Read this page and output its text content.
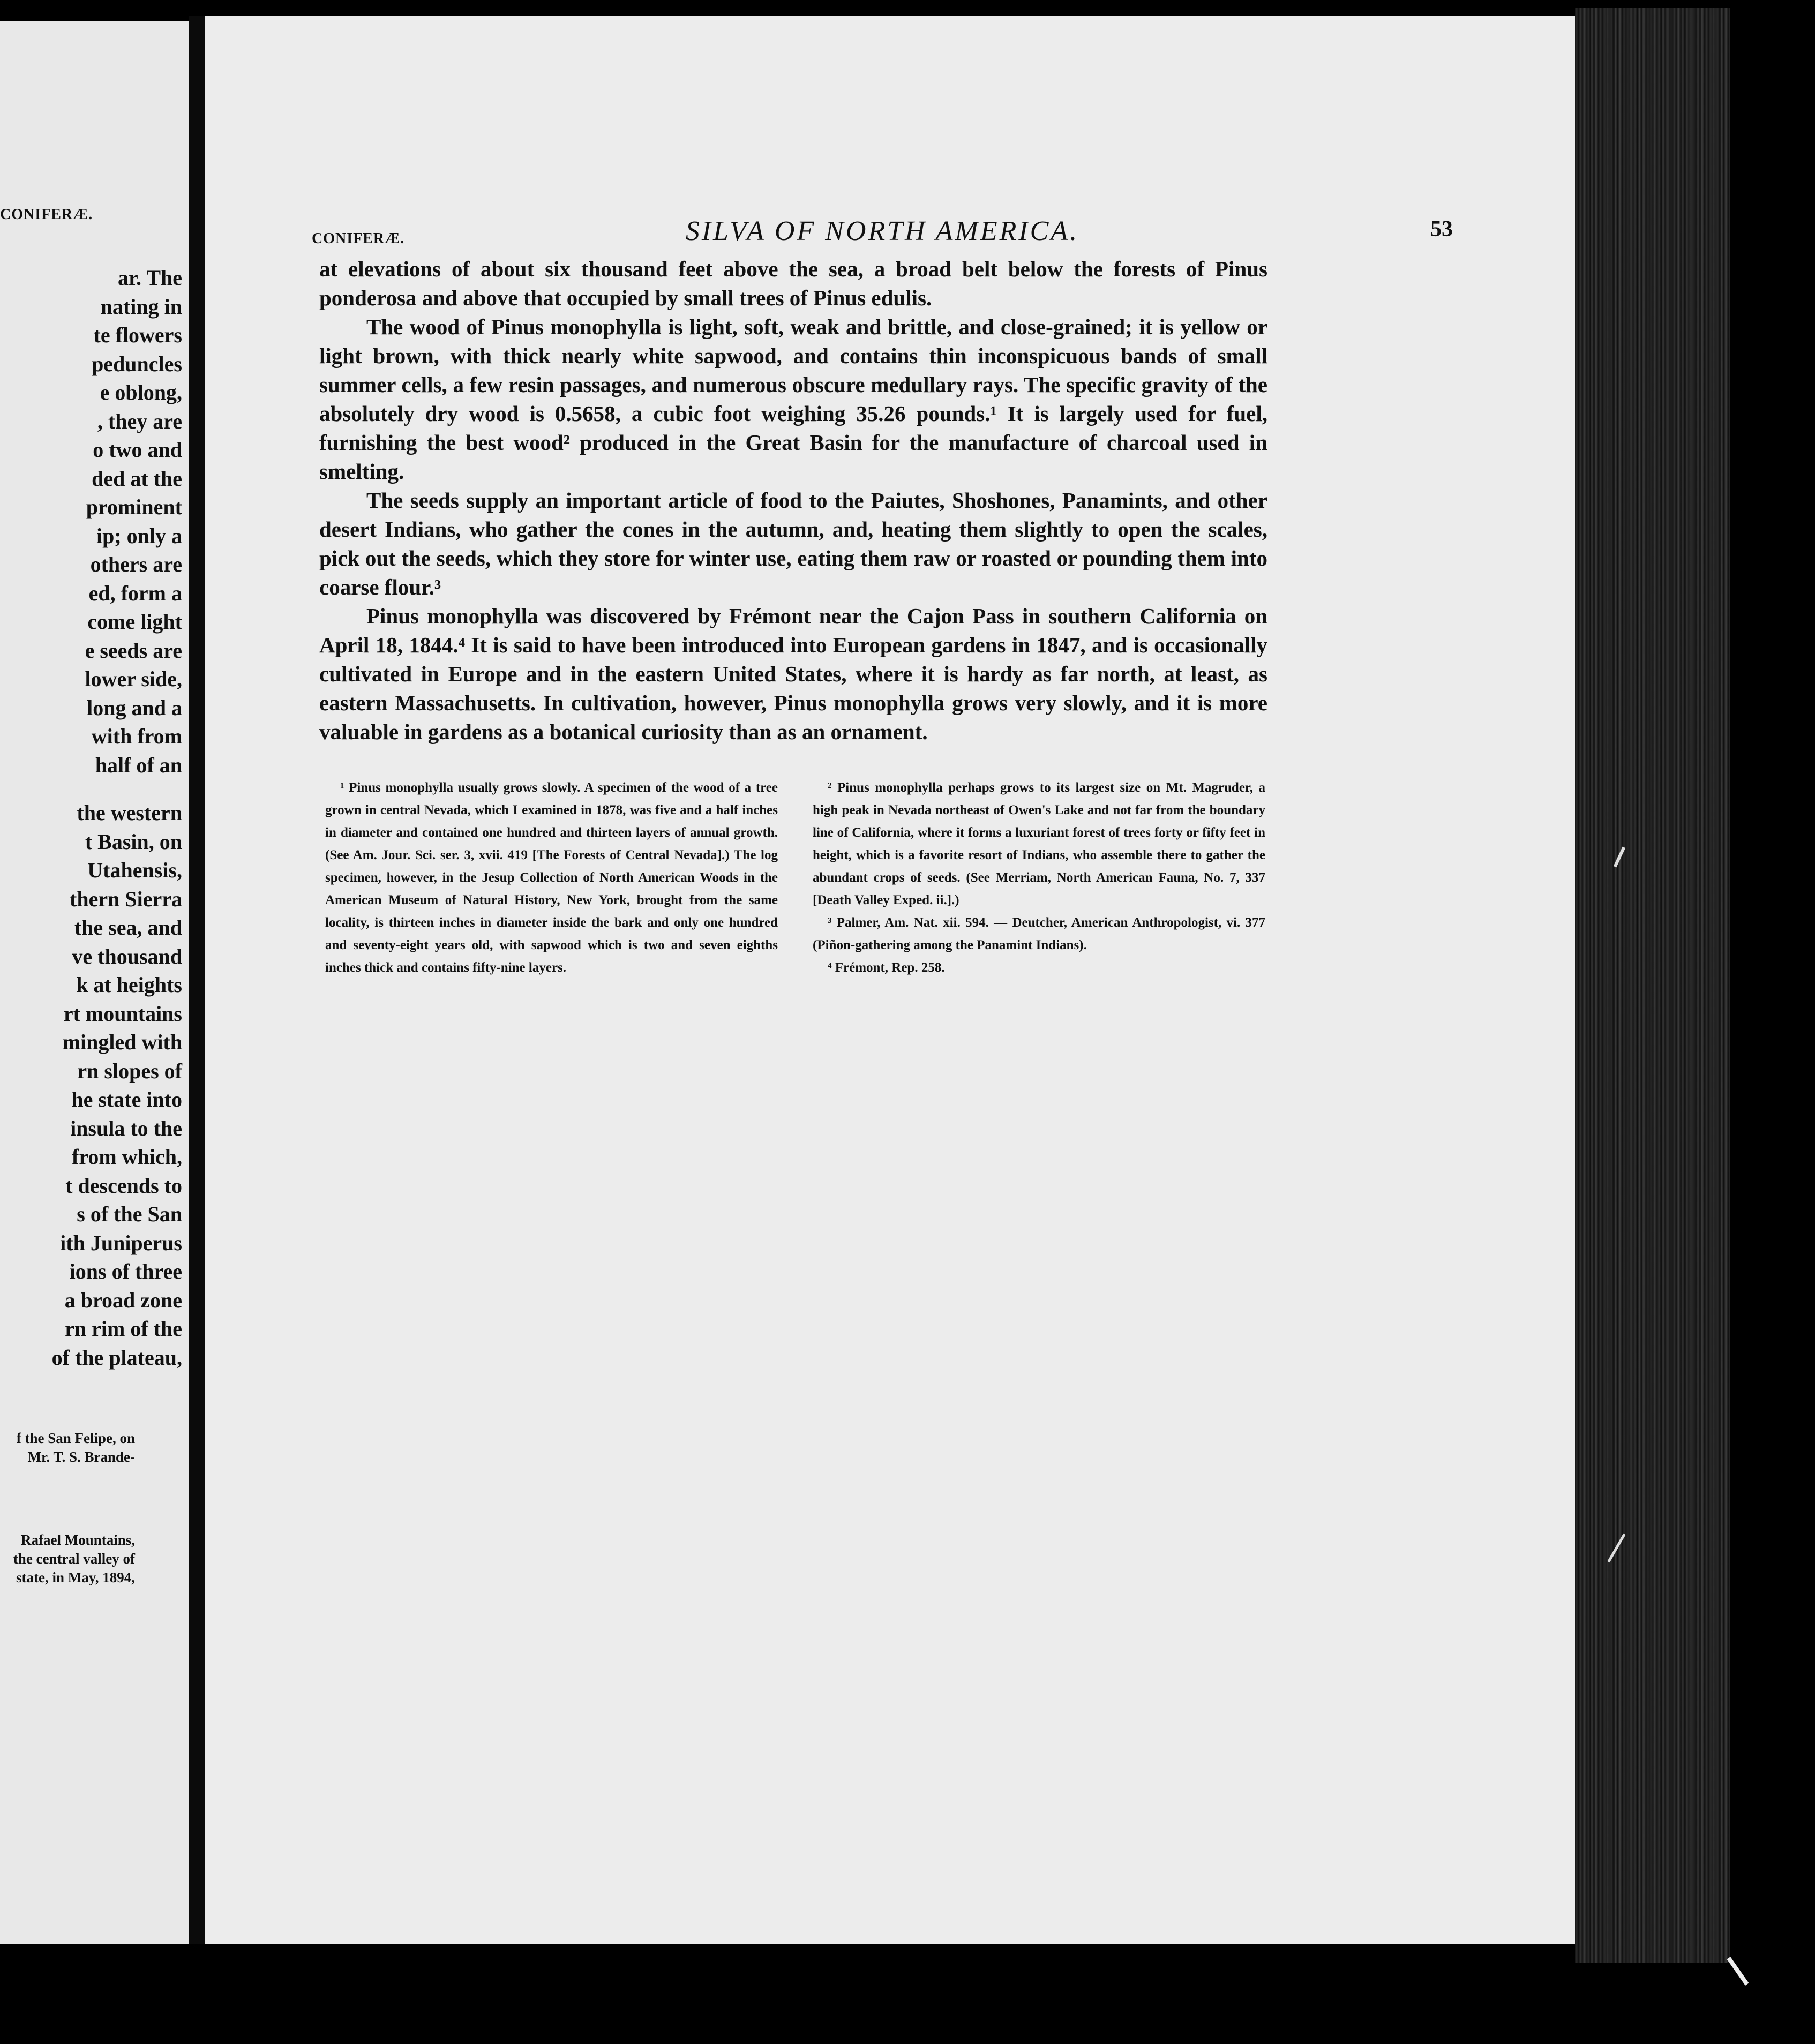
CONIFERÆ.
ar. The
nating in
te flowers
peduncles
e oblong,
, they are
o two and
ded at the
prominent
ip; only a
others are
ed, form a
come light
e seeds are
lower side,
long and a
with from
half of an
the western
t Basin, on
Utahensis,
thern Sierra
the sea, and
ve thousand
k at heights
rt mountains
mingled with
rn slopes of
he state into
insula to the
from which,
t descends to
s of the San
ith Juniperus
ions of three
a broad zone
rn rim of the
of the plateau,
f the San Felipe, on
Mr. T. S. Brande-
Rafael Mountains,
the central valley of
state, in May, 1894,
CONIFERÆ.	SILVA OF NORTH AMERICA.	53

at elevations of about six thousand feet above the sea, a broad belt below the forests of Pinus ponderosa and above that occupied by small trees of Pinus edulis.

The wood of Pinus monophylla is light, soft, weak and brittle, and close-grained; it is yellow or light brown, with thick nearly white sapwood, and contains thin inconspicuous bands of small summer cells, a few resin passages, and numerous obscure medullary rays. The specific gravity of the absolutely dry wood is 0.5658, a cubic foot weighing 35.26 pounds.¹ It is largely used for fuel, furnishing the best wood² produced in the Great Basin for the manufacture of charcoal used in smelting.

The seeds supply an important article of food to the Paiutes, Shoshones, Panamints, and other desert Indians, who gather the cones in the autumn, and, heating them slightly to open the scales, pick out the seeds, which they store for winter use, eating them raw or roasted or pounding them into coarse flour.³

Pinus monophylla was discovered by Frémont near the Cajon Pass in southern California on April 18, 1844.⁴ It is said to have been introduced into European gardens in 1847, and is occasionally cultivated in Europe and in the eastern United States, where it is hardy as far north, at least, as eastern Massachusetts. In cultivation, however, Pinus monophylla grows very slowly, and it is more valuable in gardens as a botanical curiosity than as an ornament.

¹ Pinus monophylla usually grows slowly. A specimen of the wood of a tree grown in central Nevada, which I examined in 1878, was five and a half inches in diameter and contained one hundred and thirteen layers of annual growth. (See Am. Jour. Sci. ser. 3, xvii. 419 [The Forests of Central Nevada].) The log specimen, however, in the Jesup Collection of North American Woods in the American Museum of Natural History, New York, brought from the same locality, is thirteen inches in diameter inside the bark and only one hundred and seventy-eight years old, with sapwood which is two and seven eighths inches thick and contains fifty-nine layers.

² Pinus monophylla perhaps grows to its largest size on Mt. Magruder, a high peak in Nevada northeast of Owen's Lake and not far from the boundary line of California, where it forms a luxuriant forest of trees forty or fifty feet in height, which is a favorite resort of Indians, who assemble there to gather the abundant crops of seeds. (See Merriam, North American Fauna, No. 7, 337 [Death Valley Exped. ii.].)

³ Palmer, Am. Nat. xii. 594. — Deutcher, American Anthropologist, vi. 377 (Piñon-gathering among the Panamint Indians).

⁴ Frémont, Rep. 258.
